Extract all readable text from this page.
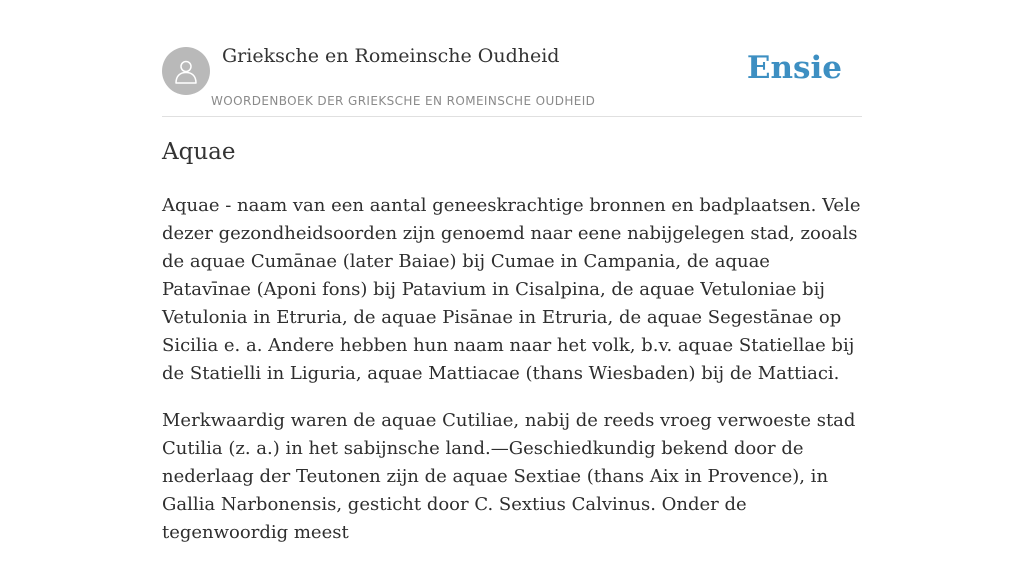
Grieksche en Romeinsche Oudheid
WOORDENBOEK DER GRIEKSCHE EN ROMEINSCHE OUDHEID
Ensie
Aquae

Aquae - naam van een aantal geneeskrachtige bronnen en badplaatsen. Vele dezer gezondheidsoorden zijn genoemd naar eene nabijgelegen stad, zooals de aquae Cumānae (later Baiae) bij Cumae in Campania, de aquae Patavīnae (Aponi fons) bij Patavium in Cisalpina, de aquae Vetuloniae bij Vetulonia in Etruria, de aquae Pisānae in Etruria, de aquae Segestānae op Sicilia e. a. Andere hebben hun naam naar het volk, b.v. aquae Statiellae bij de Statielli in Liguria, aquae Mattiacae (thans Wiesbaden) bij de Mattiaci.

Merkwaardig waren de aquae Cutiliae, nabij de reeds vroeg verwoeste stad Cutilia (z. a.) in het sabijnsche land.—Geschiedkundig bekend door de nederlaag der Teutonen zijn de aquae Sextiae (thans Aix in Provence), in Gallia Narbonensis, gesticht door C. Sextius Calvinus. Onder de tegenwoordig meest
